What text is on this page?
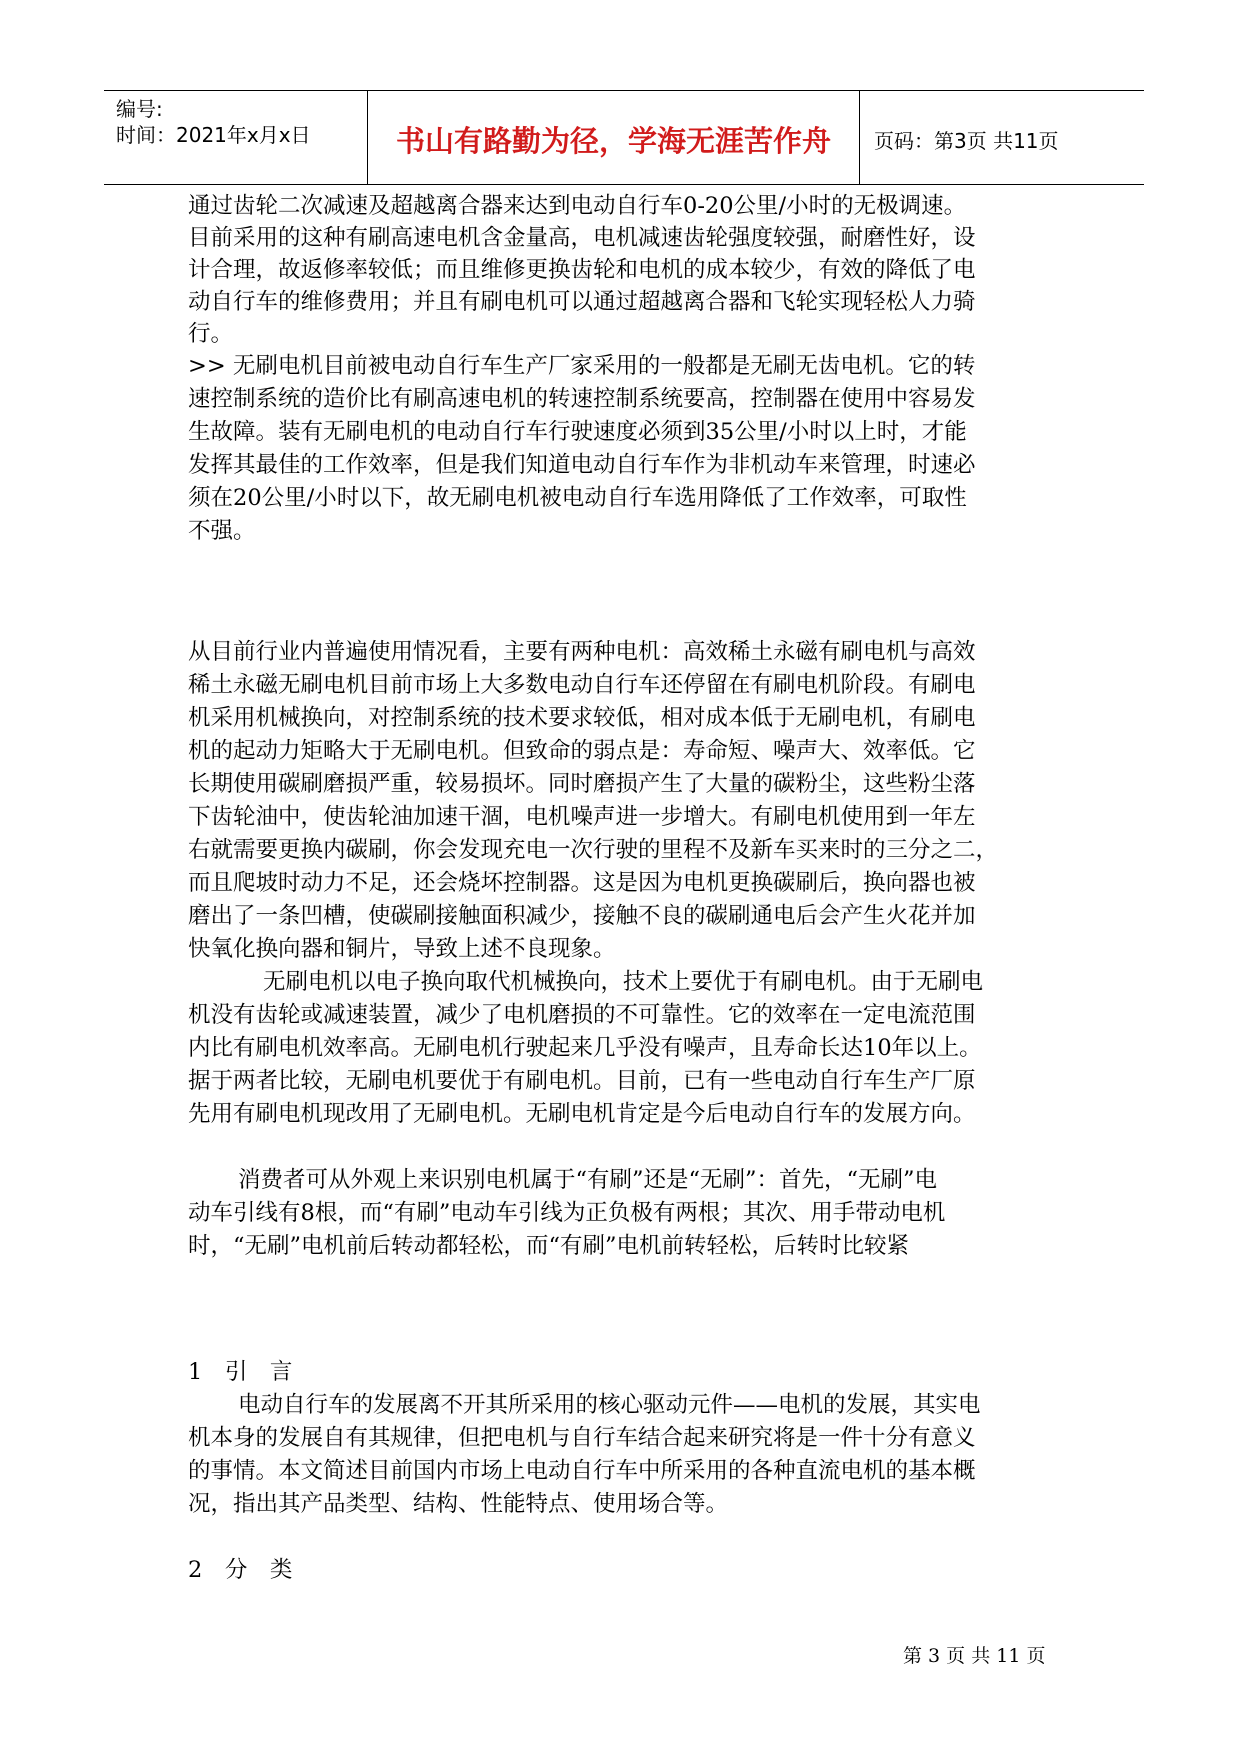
编号:
时间：2021年x月x日	书山有路勤为径，学海无涯苦作舟	页码：第3页 共11页
通过齿轮二次减速及超越离合器来达到电动自行车0-20公里/小时的无极调速。
目前采用的这种有刷高速电机含金量高，电机减速齿轮强度较强，耐磨性好，设
计合理，故返修率较低；而且维修更换齿轮和电机的成本较少，有效的降低了电
动自行车的维修费用；并且有刷电机可以通过超越离合器和飞轮实现轻松人力骑
行。
>> 无刷电机目前被电动自行车生产厂家采用的一般都是无刷无齿电机。它的转
速控制系统的造价比有刷高速电机的转速控制系统要高，控制器在使用中容易发
生故障。装有无刷电机的电动自行车行驶速度必须到35公里/小时以上时，才能
发挥其最佳的工作效率，但是我们知道电动自行车作为非机动车来管理，时速必
须在20公里/小时以下，故无刷电机被电动自行车选用降低了工作效率，可取性
不强。
从目前行业内普遍使用情况看，主要有两种电机：高效稀土永磁有刷电机与高效
稀土永磁无刷电机目前市场上大多数电动自行车还停留在有刷电机阶段。有刷电
机采用机械换向，对控制系统的技术要求较低，相对成本低于无刷电机，有刷电
机的起动力矩略大于无刷电机。但致命的弱点是：寿命短、噪声大、效率低。它
长期使用碳刷磨损严重，较易损坏。同时磨损产生了大量的碳粉尘，这些粉尘落
下齿轮油中，使齿轮油加速干涸，电机噪声进一步增大。有刷电机使用到一年左
右就需要更换内碳刷，你会发现充电一次行驶的里程不及新车买来时的三分之二，
而且爬坡时动力不足，还会烧坏控制器。这是因为电机更换碳刷后，换向器也被
磨出了一条凹槽，使碳刷接触面积减少，接触不良的碳刷通电后会产生火花并加
快氧化换向器和铜片，导致上述不良现象。
无刷电机以电子换向取代机械换向，技术上要优于有刷电机。由于无刷电
机没有齿轮或减速装置，减少了电机磨损的不可靠性。它的效率在一定电流范围
内比有刷电机效率高。无刷电机行驶起来几乎没有噪声，且寿命长达10年以上。
据于两者比较，无刷电机要优于有刷电机。目前，已有一些电动自行车生产厂原
先用有刷电机现改用了无刷电机。无刷电机肯定是今后电动自行车的发展方向。
消费者可从外观上来识别电机属于“有刷”还是“无刷”：首先，“无刷”电
动车引线有8根，而“有刷”电动车引线为正负极有两根；其次、用手带动电机
时，“无刷”电机前后转动都轻松，而“有刷”电机前转轻松，后转时比较紧
1　引　言
电动自行车的发展离不开其所采用的核心驱动元件——电机的发展，其实电
机本身的发展自有其规律，但把电机与自行车结合起来研究将是一件十分有意义
的事情。本文简述目前国内市场上电动自行车中所采用的各种直流电机的基本概
况，指出其产品类型、结构、性能特点、使用场合等。
2　分　类
第 3 页 共 11 页
